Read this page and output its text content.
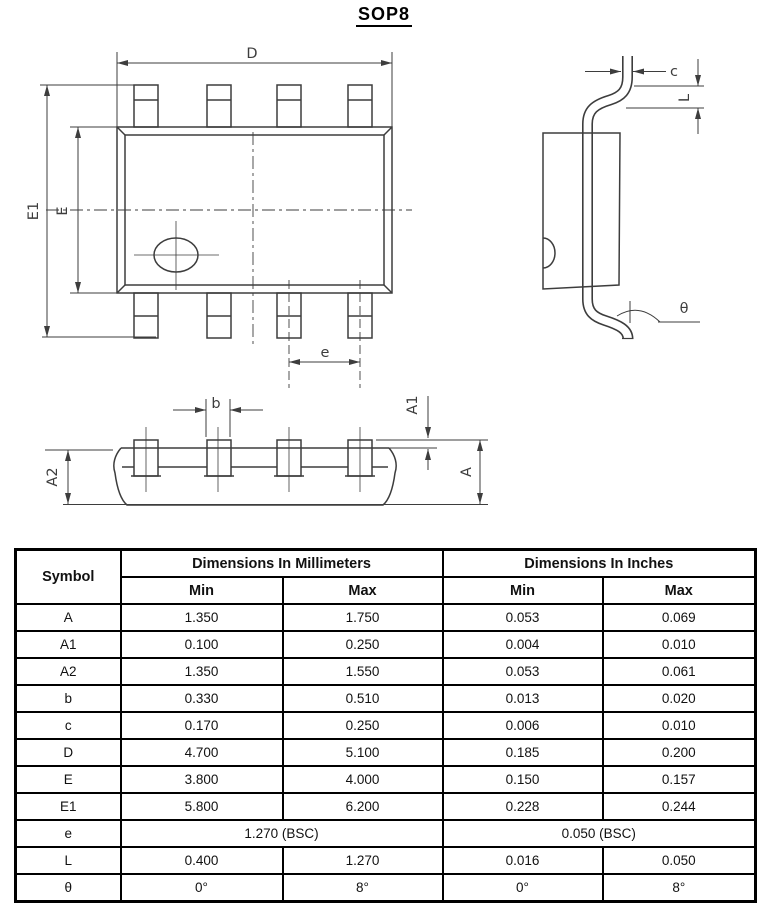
SOP8
D
E1 E
e
c
L
θ
b
A2
A1
A
Symbol	Dimensions In Millimeters		Dimensions In Inches	
	Min	Max	Min	Max
A	1.350	1.750	0.053	0.069
A1	0.100	0.250	0.004	0.010
A2	1.350	1.550	0.053	0.061
b	0.330	0.510	0.013	0.020
c	0.170	0.250	0.006	0.010
D	4.700	5.100	0.185	0.200
E	3.800	4.000	0.150	0.157
E1	5.800	6.200	0.228	0.244
e	1.270 (BSC)		0.050 (BSC)	
L	0.400	1.270	0.016	0.050
θ	0°	8°	0°	8°
